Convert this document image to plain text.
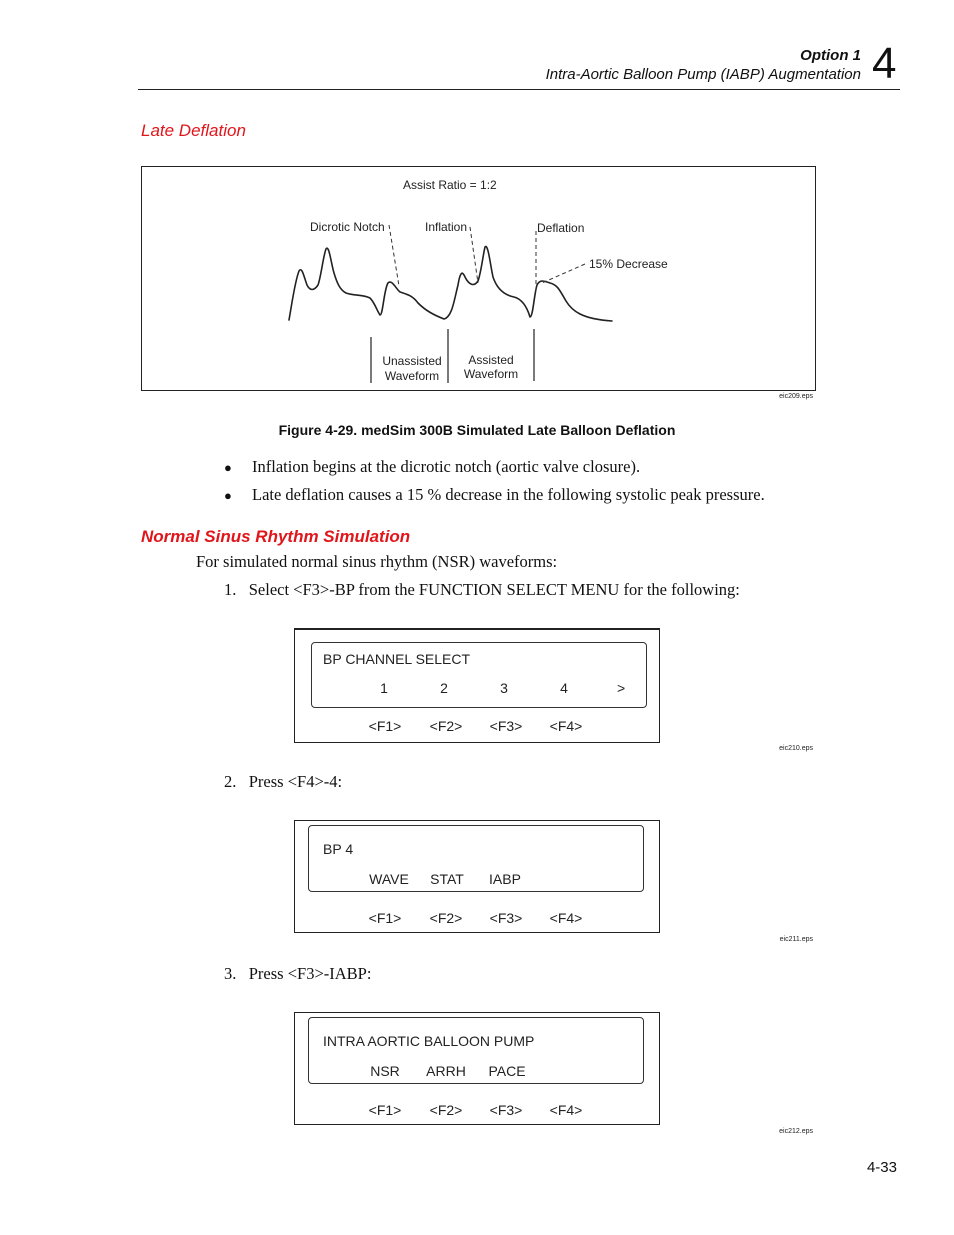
Option 1
Intra-Aortic Balloon Pump (IABP) Augmentation 4
Late Deflation
Assist Ratio = 1:2
Dicrotic Notch	Inflation	Deflation
15% Decrease
Unassisted
Waveform
Assisted
Waveform
eic209.eps
Figure 4-29. medSim 300B Simulated Late Balloon Deflation
● Inflation begins at the dicrotic notch (aortic valve closure).
● Late deflation causes a 15 % decrease in the following systolic peak pressure.
Normal Sinus Rhythm Simulation
For simulated normal sinus rhythm (NSR) waveforms:
1.   Select <F3>-BP from the FUNCTION SELECT MENU for the following:
BP CHANNEL SELECT
1	2	3	4	>
<F1>	<F2>	<F3>	<F4>
eic210.eps
2.   Press <F4>-4:
BP 4
WAVE	STAT	IABP
<F1>	<F2>	<F3>	<F4>
eic211.eps
3.   Press <F3>-IABP:
INTRA AORTIC BALLOON PUMP
NSR	ARRH	PACE
<F1>	<F2>	<F3>	<F4>
eic212.eps
4-33
